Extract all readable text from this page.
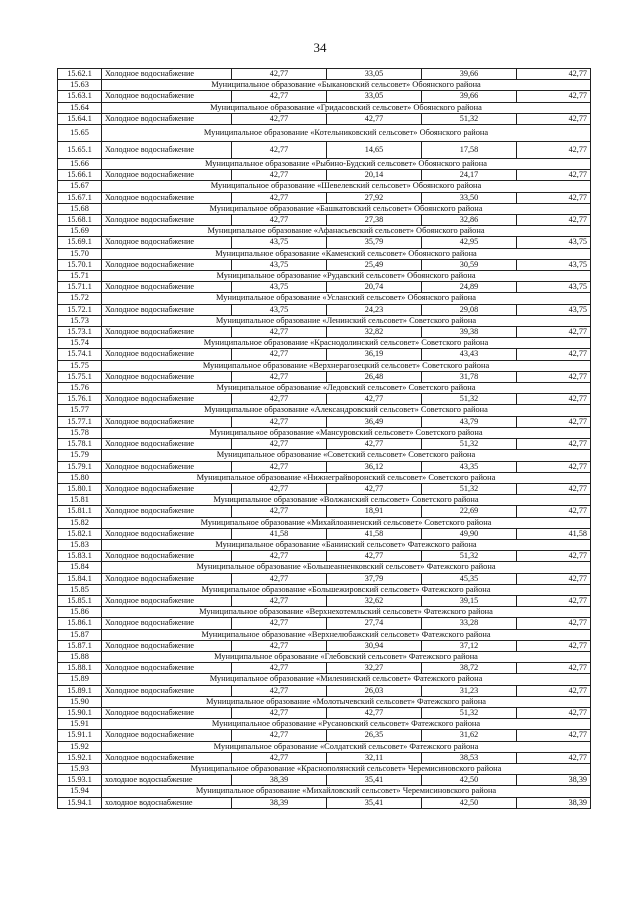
34
15.62.1	Холодное водоснабжение	42,77	33,05	39,66	42,77
15.63	Муниципальное образование «Быкановский сельсовет» Обоянского района				
15.63.1	Холодное водоснабжение	42,77	33,05	39,66	42,77
15.64	Муниципальное образование «Гридасовский сельсовет» Обоянского района				
15.64.1	Холодное водоснабжение	42,77	42,77	51,32	42,77
15.65	Муниципальное образование «Котельниковский сельсовет» Обоянского района				
15.65.1	Холодное водоснабжение	42,77	14,65	17,58	42,77
15.66	Муниципальное образование «Рыбино-Будский сельсовет» Обоянского района				
15.66.1	Холодное водоснабжение	42,77	20,14	24,17	42,77
15.67	Муниципальное образование «Шевелевский сельсовет» Обоянского района				
15.67.1	Холодное водоснабжение	42,77	27,92	33,50	42,77
15.68	Муниципальное образование «Башкатовский сельсовет» Обоянского района				
15.68.1	Холодное водоснабжение	42,77	27,38	32,86	42,77
15.69	Муниципальное образование «Афанасьевский сельсовет» Обоянского района				
15.69.1	Холодное водоснабжение	43,75	35,79	42,95	43,75
15.70	Муниципальное образование «Каменский сельсовет» Обоянского района				
15.70.1	Холодное водоснабжение	43,75	25,49	30,59	43,75
15.71	Муниципальное образование «Рудавский сельсовет» Обоянского района				
15.71.1	Холодное водоснабжение	43,75	20,74	24,89	43,75
15.72	Муниципальное образование «Усланский сельсовет» Обоянского района				
15.72.1	Холодное водоснабжение	43,75	24,23	29,08	43,75
15.73	Муниципальное образование «Ленинский сельсовет» Советского района				
15.73.1	Холодное водоснабжение	42,77	32,82	39,38	42,77
15.74	Муниципальное образование «Краснодолинский сельсовет» Советского района				
15.74.1	Холодное водоснабжение	42,77	36,19	43,43	42,77
15.75	Муниципальное образование «Верхнерагозецкий сельсовет» Советского района				
15.75.1	Холодное водоснабжение	42,77	26,48	31,78	42,77
15.76	Муниципальное образование «Ледовский сельсовет» Советского района				
15.76.1	Холодное водоснабжение	42,77	42,77	51,32	42,77
15.77	Муниципальное образование «Александровский сельсовет» Советского района				
15.77.1	Холодное водоснабжение	42,77	36,49	43,79	42,77
15.78	Муниципальное образование «Мансуровский сельсовет» Советского района				
15.78.1	Холодное водоснабжение	42,77	42,77	51,32	42,77
15.79	Муниципальное образование «Советский сельсовет» Советского района				
15.79.1	Холодное водоснабжение	42,77	36,12	43,35	42,77
15.80	Муниципальное образование «Нижнеграйворонский сельсовет» Советского района				
15.80.1	Холодное водоснабжение	42,77	42,77	51,32	42,77
15.81	Муниципальное образование «Волжанский сельсовет» Советского района				
15.81.1	Холодное водоснабжение	42,77	18,91	22,69	42,77
15.82	Муниципальное образование «Михайлоанненский сельсовет» Советского района				
15.82.1	Холодное водоснабжение	41,58	41,58	49,90	41,58
15.83	Муниципальное образование «Банинский сельсовет» Фатежского района				
15.83.1	Холодное водоснабжение	42,77	42,77	51,32	42,77
15.84	Муниципальное образование «Большеанненковский сельсовет» Фатежского района				
15.84.1	Холодное водоснабжение	42,77	37,79	45,35	42,77
15.85	Муниципальное образование «Большежировский сельсовет» Фатежского района				
15.85.1	Холодное водоснабжение	42,77	32,62	39,15	42,77
15.86	Муниципальное образование «Верхнехотемльский сельсовет» Фатежского района				
15.86.1	Холодное водоснабжение	42,77	27,74	33,28	42,77
15.87	Муниципальное образование «Верхнелюбажский сельсовет» Фатежского района				
15.87.1	Холодное водоснабжение	42,77	30,94	37,12	42,77
15.88	Муниципальное образование «Глебовский сельсовет» Фатежского района				
15.88.1	Холодное водоснабжение	42,77	32,27	38,72	42,77
15.89	Муниципальное образование «Миленинский сельсовет» Фатежского района				
15.89.1	Холодное водоснабжение	42,77	26,03	31,23	42,77
15.90	Муниципальное образование «Молотычевский сельсовет» Фатежского района				
15.90.1	Холодное водоснабжение	42,77	42,77	51,32	42,77
15.91	Муниципальное образование «Русановский сельсовет» Фатежского района				
15.91.1	Холодное водоснабжение	42,77	26,35	31,62	42,77
15.92	Муниципальное образование «Солдатский сельсовет» Фатежского района				
15.92.1	Холодное водоснабжение	42,77	32,11	38,53	42,77
15.93	Муниципальное образование «Краснополянский сельсовет» Черемисиновского района				
15.93.1	холодное водоснабжение	38,39	35,41	42,50	38,39
15.94	Муниципальное образование «Михайловский сельсовет» Черемисиновского района				
15.94.1	холодное водоснабжение	38,39	35,41	42,50	38,39
